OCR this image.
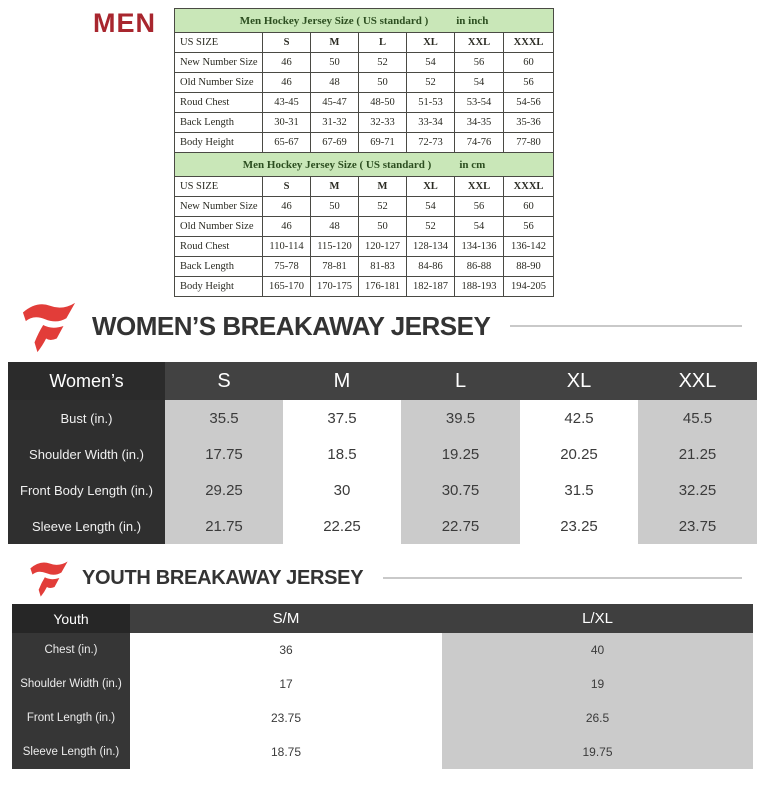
MEN	Men Hockey Jersey Size ( US standard ) in inch						

US SIZE	S	M	L	XL	XXL	XXXL
New Number Size	46	50	52	54	56	60
Old Number Size	46	48	50	52	54	56
Roud Chest	43-45	45-47	48-50	51-53	53-54	54-56
Back Length	30-31	31-32	32-33	33-34	34-35	35-36
Body Height	65-67	67-69	69-71	72-73	74-76	77-80

Men Hockey Jersey Size ( US standard ) in cm						

US SIZE	S	M	M	XL	XXL	XXXL
New Number Size	46	50	52	54	56	60
Old Number Size	46	48	50	52	54	56
Roud Chest	110-114	115-120	120-127	128-134	134-136	136-142
Back Length	75-78	78-81	81-83	84-86	86-88	88-90
Body Height	165-170	170-175	176-181	182-187	188-193	194-205
WOMEN’S BREAKAWAY JERSEY
Women’s	S	M	L	XL	XXL
Bust (in.)	35.5	37.5	39.5	42.5	45.5
Shoulder Width (in.)	17.75	18.5	19.25	20.25	21.25
Front Body Length (in.)	29.25	30	30.75	31.5	32.25
Sleeve Length (in.)	21.75	22.25	22.75	23.25	23.75
YOUTH BREAKAWAY JERSEY
Youth	S/M	L/XL
Chest (in.)	36	40
Shoulder Width (in.)	17	19
Front Length (in.)	23.75	26.5
Sleeve Length (in.)	18.75	19.75
